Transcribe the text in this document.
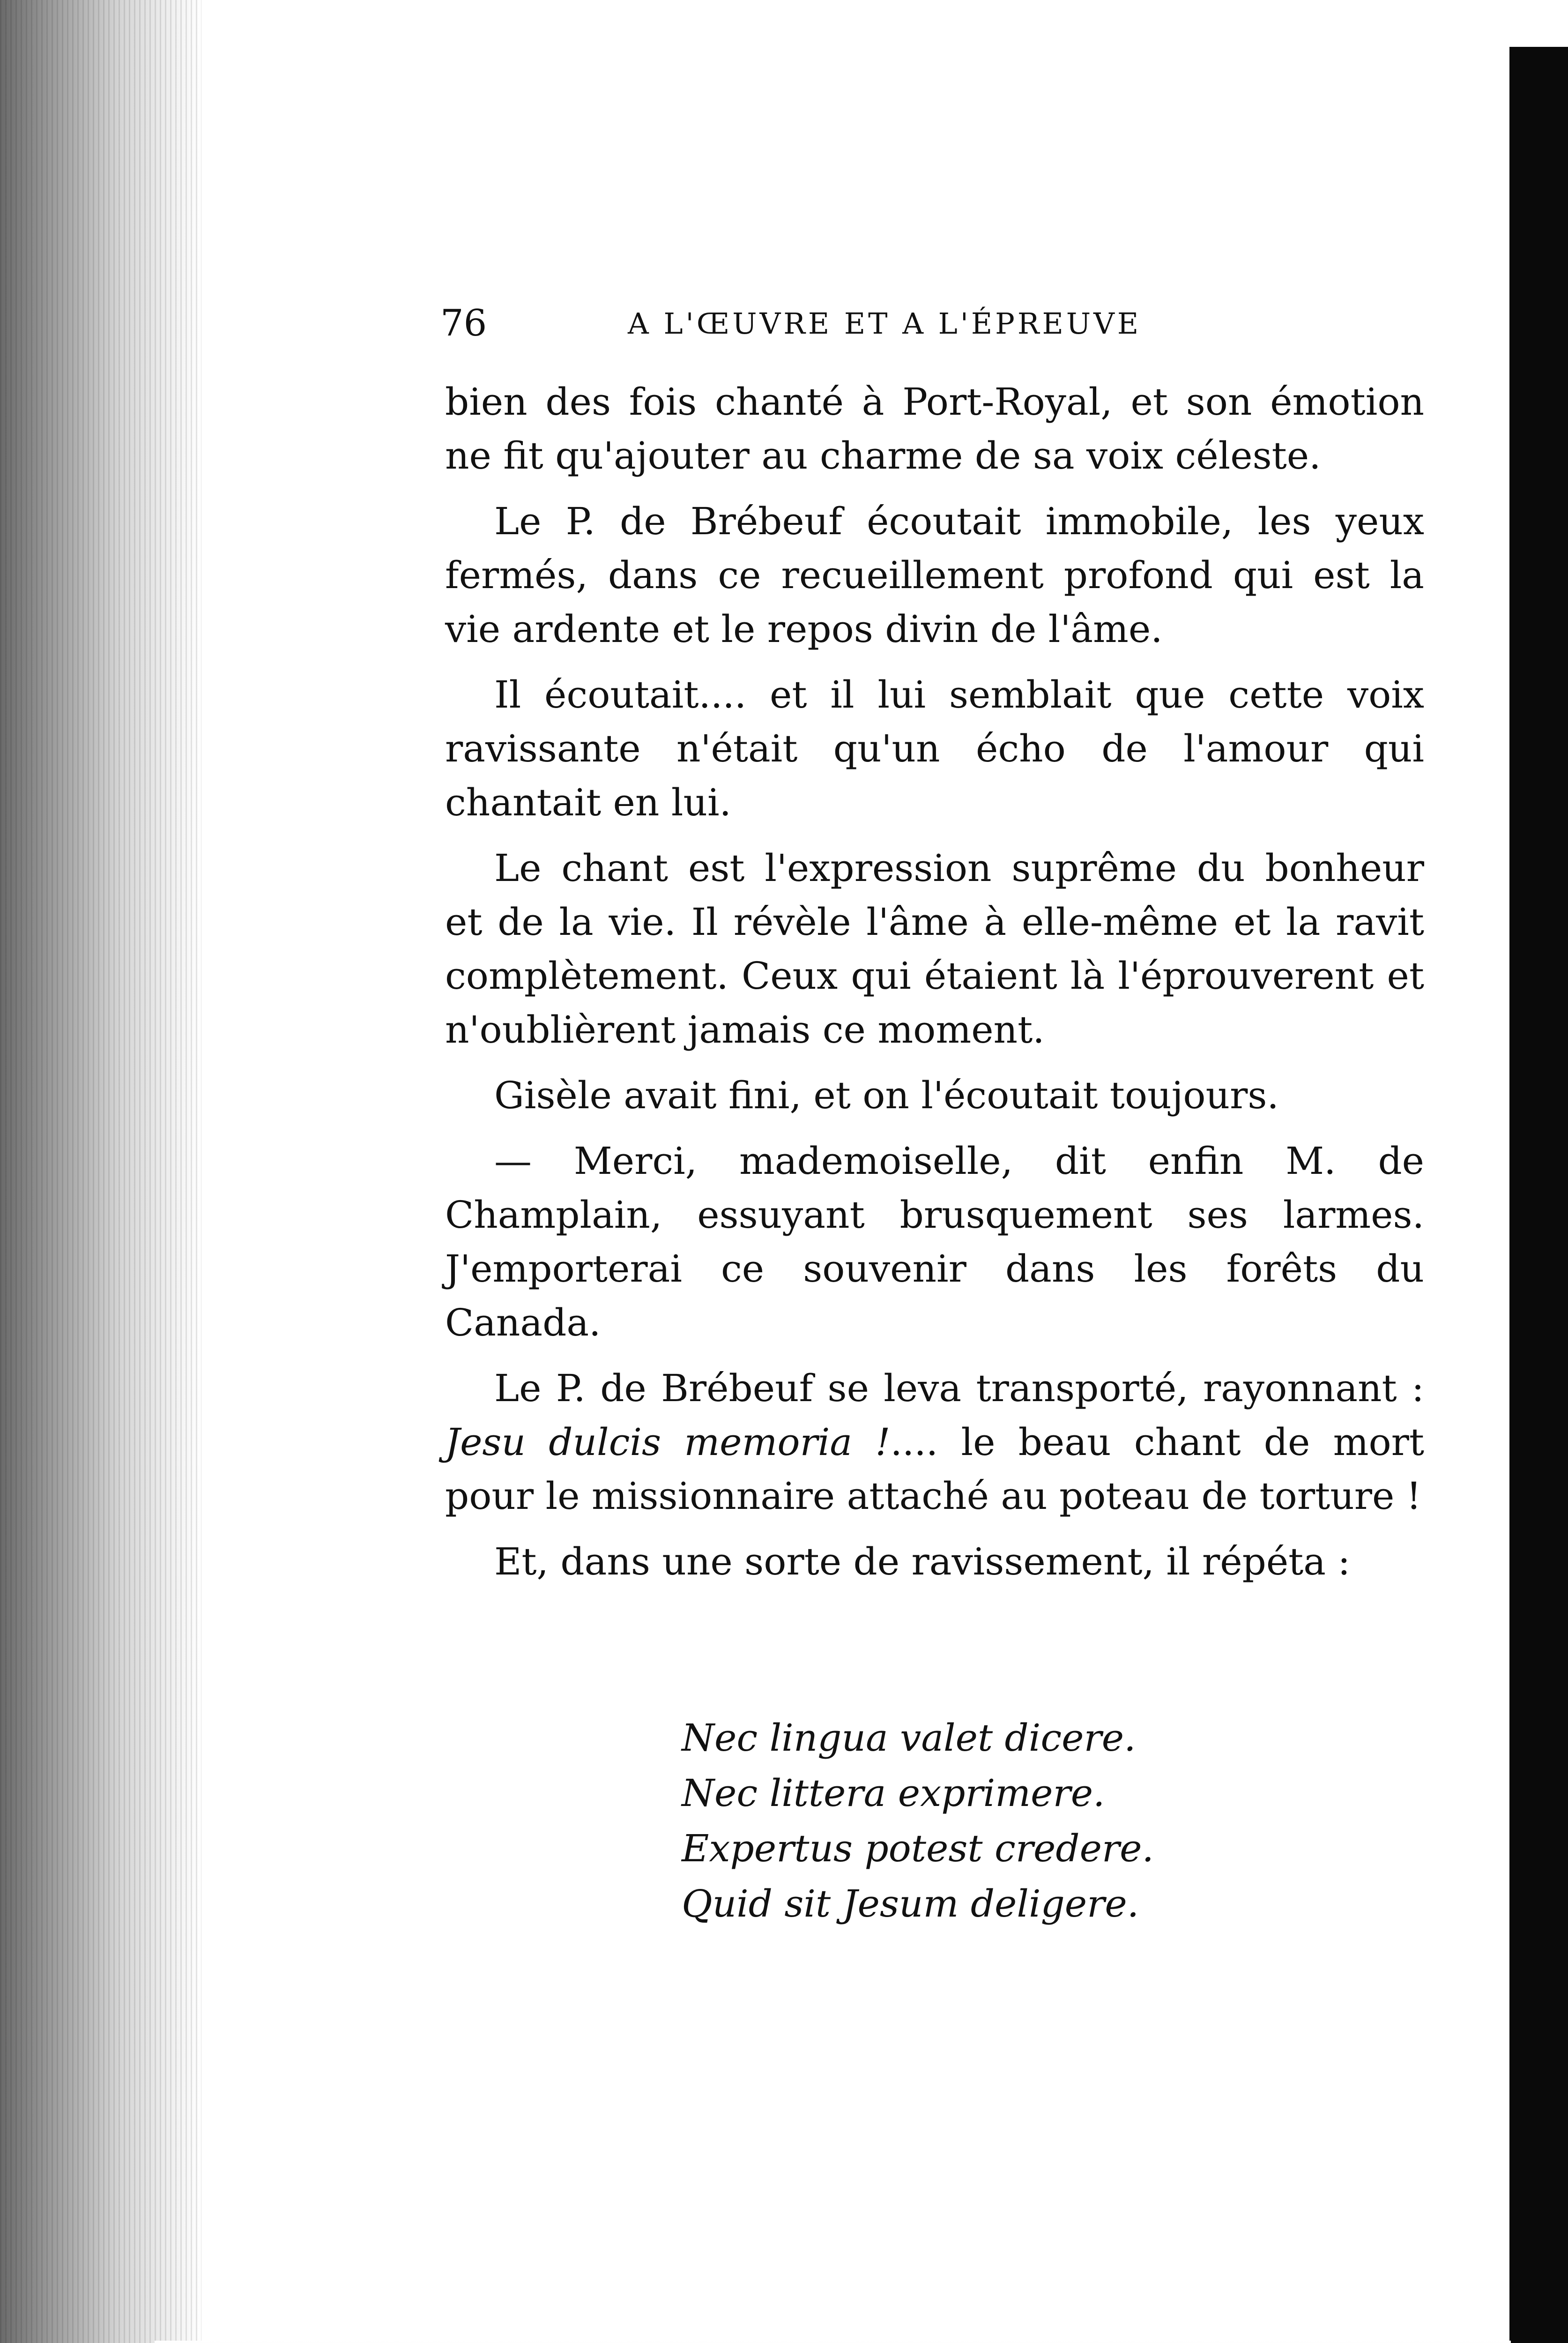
76	A L'ŒUVRE ET A L'ÉPREUVE

bien des fois chanté à Port-Royal, et son émotion ne fit qu'ajouter au charme de sa voix céleste.

Le P. de Brébeuf écoutait immobile, les yeux fermés, dans ce recueillement profond qui est la vie ardente et le repos divin de l'âme.

Il écoutait.... et il lui semblait que cette voix ravissante n'était qu'un écho de l'amour qui chantait en lui.

Le chant est l'expression suprême du bonheur et de la vie. Il révèle l'âme à elle-même et la ravit complètement. Ceux qui étaient là l'éprouverent et n'oublièrent jamais ce moment.

Gisèle avait fini, et on l'écoutait toujours.

— Merci, mademoiselle, dit enfin M. de Champlain, essuyant brusquement ses larmes. J'emporterai ce souvenir dans les forêts du Canada.

Le P. de Brébeuf se leva transporté, rayonnant : Jesu dulcis memoria !.... le beau chant de mort pour le missionnaire attaché au poteau de torture !

Et, dans une sorte de ravissement, il répéta :

Nec lingua valet dicere.
Nec littera exprimere.
Expertus potest credere.
Quid sit Jesum deligere.
